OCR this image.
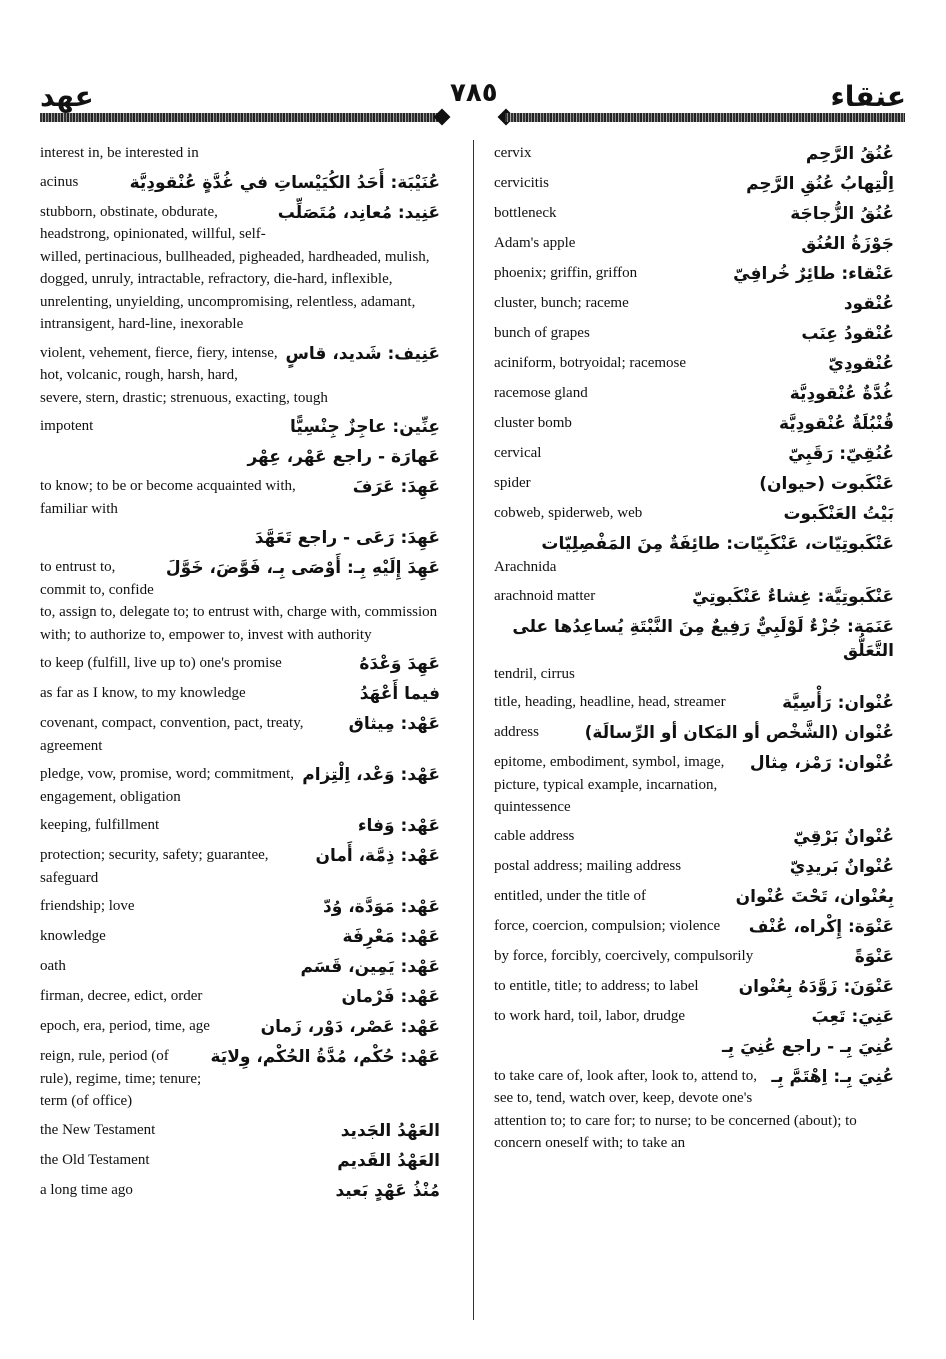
عهد	٧٨٥	عنقاء
interest in, be interested in
عُنَيْبَة: أَحَدُ الكُيَيْساتِ في غُدَّةٍ عُنْقودِيَّة
acinus
عَنِيد: مُعانِد، مُتَصَلِّب
stubborn, obstinate, obdurate, headstrong, opinionated, willful, self-willed, pertinacious, bullheaded, pigheaded, hardheaded, mulish, dogged, unruly, intractable, refractory, die-hard, inflexible, unrelenting, unyielding, uncompromising, relentless, adamant, intransigent, hard-line, inexorable
عَنِيف: شَديد، قاسٍ
violent, vehement, fierce, fiery, intense, hot, volcanic, rough, harsh, hard, severe, stern, drastic; strenuous, exacting, tough
عِنِّين: عاجِزٌ جِنْسِيًّا
impotent
عَهارَة - راجع عَهْر، عِهْر
عَهِدَ: عَرَفَ
to know; to be or become acquainted with, familiar with
عَهِدَ: رَعَى - راجع تَعَهَّدَ
عَهِدَ إِلَيْهِ بِـ: أَوْصَى بِـ، فَوَّضَ، خَوَّلَ
to entrust to, commit to, confide to, assign to, delegate to; to entrust with, charge with, commission with; to authorize to, empower to, invest with authority
عَهِدَ وَعْدَهُ
to keep (fulfill, live up to) one's promise
فيما أَعْهَدُ
as far as I know, to my knowledge
عَهْد: مِيثاق
covenant, compact, convention, pact, treaty, agreement
عَهْد: وَعْد، اِلْتِزام
pledge, vow, promise, word; commitment, engagement, obligation
عَهْد: وَفاء
keeping, fulfillment
عَهْد: ذِمَّة، أَمان
protection; security, safety; guarantee, safeguard
عَهْد: مَوَدَّة، وُدّ
friendship; love
عَهْد: مَعْرِفَة
knowledge
عَهْد: يَمِين، قَسَم
oath
عَهْد: فَرْمان
firman, decree, edict, order
عَهْد: عَصْر، دَوْر، زَمان
epoch, era, period, time, age
عَهْد: حُكْم، مُدَّةُ الحُكْم، وِلايَة
reign, rule, period (of rule), regime, time; tenure; term (of office)
العَهْدُ الجَديد
the New Testament
العَهْدُ القَديم
the Old Testament
مُنْذُ عَهْدٍ بَعيد
a long time ago
عُنُقُ الرَّحِم
cervix
اِلْتِهابُ عُنُقِ الرَّحِم
cervicitis
عُنُقُ الزُّجاجَة
bottleneck
جَوْزَةُ العُنُق
Adam's apple
عَنْقاء: طائِرٌ خُرافِيّ
phoenix; griffin, griffon
عُنْقود
cluster, bunch; raceme
عُنْقودُ عِنَب
bunch of grapes
عُنْقودِيّ
aciniform, botryoidal; racemose
غُدَّةٌ عُنْقودِيَّة
racemose gland
قُنْبُلَةٌ عُنْقودِيَّة
cluster bomb
عُنُقِيّ: رَقَبِيّ
cervical
عَنْكَبوت (حيوان)
spider
بَيْتُ العَنْكَبوت
cobweb, spiderweb, web
عَنْكَبوتِيّات، عَنْكَبِيّات: طائِفَةٌ مِنَ المَفْصِلِيّات
Arachnida
عَنْكَبوتِيَّة: غِشاءٌ عَنْكَبوتِيّ
arachnoid matter
عَنَمَة: جُزْءٌ لَوْلَبِيٌّ رَفِيعٌ مِنَ النَّبْتَةِ يُساعِدُها على التَّعَلُّق
tendril, cirrus
عُنْوان: رَأْسِيَّة
title, heading, headline, head, streamer
عُنْوان (الشَّخْص أو المَكان أو الرِّسالَة)
address
عُنْوان: رَمْز، مِثال
epitome, embodiment, symbol, image, picture, typical example, incarnation, quintessence
عُنْوانٌ بَرْقِيّ
cable address
عُنْوانٌ بَريدِيّ
postal address; mailing address
بِعُنْوان، تَحْتَ عُنْوان
entitled, under the title of
عَنْوَة: إِكْراه، عُنْف
force, coercion, compulsion; violence
عَنْوَةً
by force, forcibly, coercively, compulsorily
عَنْوَنَ: زَوَّدَهُ بِعُنْوان
to entitle, title; to address; to label
عَنِيَ: تَعِبَ
to work hard, toil, labor, drudge
عُنِيَ بِـ - راجع عُنِيَ بِـ
عُنِيَ بِـ: اِهْتَمَّ بِـ
to take care of, look after, look to, attend to, see to, tend, watch over, keep, devote one's attention to; to care for; to nurse; to be concerned (about); to concern oneself with; to take an
